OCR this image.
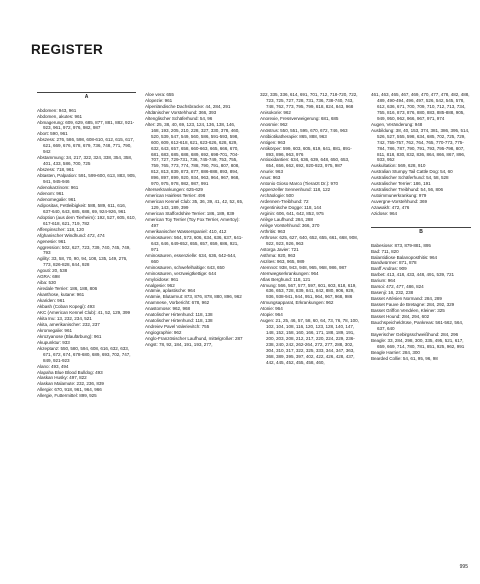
REGISTER
A
Abdomen: 943, 961
Abdomen, akutes: 961
Abmagerung: 609, 629, 685, 877, 881, 882, 921-923, 961, 972, 976, 982, 987
Abort: 590, 961
Abszess: 276, 586, 598, 608-610, 612, 615, 617, 621, 669, 676, 678, 679, 736, 748, 771, 790, 942
Abstammung: 34, 217, 322, 324, 338, 354, 358, 401, 433, 586, 700, 725
Abszess: 718, 961
Abtasten, Palpation: 591, 599-600, 613, 883, 905, 941, 945-946
Adenokarzinom: 961
Adenom: 961
Adenomegalie: 961
Adipositas, Fettleibigkeit: 588, 589, 611, 616, 637-640, 643, 685, 688, 69, 924-926, 961
Adoption (aus dem Tierheim): 192, 527, 605, 610, 617-618, 621, 719, 782
Affenpinscher: 118, 120
Afghanischer Windhund: 472, 474
Agenesie: 961
Aggression: 502, 627, 723, 739, 740, 745, 749, 793
Agility: 33, 58, 70, 90, 94, 108, 135, 149, 276, 773, 826-828, 844, 928
Agouti: 20, 538
AGRA: 698
Aiba: 530
Airedale Terrier: 186, 188, 806
Akanthose, kutane: 961
Akariden: 961
Akbash (Coban Kopegi): 493
AKC (American Kennel Club): 41, 52, 129, 399
Akita Inu: 13, 232, 234, 521
Akita, amerikanischer: 232, 237
Akromegalie: 961
Akrozyanose (Blaufärbung): 961
Akupunktur: 933
Akzeptanz: 550, 580, 594, 608, 616, 632, 633, 671, 672, 674, 678-680, 689, 693, 702, 747, 849, 921-923
Alano: 493, 494
Alapaha Blue Blood Bulldog: 493
Alaskan Husky: 497, 822
Alaskan Malamute: 232, 236, 839
Allergie: 670, 918, 961, 964, 966
Allergie, Futtermittel: 899, 925
Aloe vera: 655
Alopezie: 961
Alpenländische Dachsbracke: 44, 284, 291
Altdänischer Vorstehhund: 366, 393
Altenglischer Schäferhund: 54, 96
Alter: 25, 38, 40, 69, 123, 124, 136, 138, 146, 168, 193, 205, 210, 228, 327, 330, 378, 460, 520, 539, 547, 549, 560, 586, 591-593, 598, 600, 609, 612-618, 621, 623-626, 628, 629, 632, 643, 657, 658, 660-663, 665, 666, 670, 681, 683, 685, 688, 689, 692, 698-701, 704-707, 727, 729-731, 736, 745-749, 753, 755, 759, 765, 773, 774, 788, 790, 791, 807, 808, 812, 813, 839, 873, 877, 886-888, 893, 894, 896, 897, 899, 920, 934, 963, 964, 967, 968, 970, 975, 978, 982, 987, 991
Alterserkrankungen: 625-629
American Hairless Terrier: 496
American Kennel Club: 35, 36, 39, 41, 42, 52, 65, 129, 143, 189, 399
American Staffordshire Terrier: 186, 189, 839
American Toy Terrier (Toy Fox Terrier, Amertoy): 497
Amerikanischer Wasserspaniel: 410, 412
Aminosäuren: 564, 573, 606, 634, 636, 637, 641-643, 646, 649-652, 655, 657, 659, 686, 921, 971
Aminosäuren, essenzielle: 634, 636, 642-644, 660
Aminosäuren, schwefelhaltige: 643, 650
Aminosäuren, verzweigtkettige: 644
Amyloidose: 961
Analgesie: 962
Anämie, aplastische: 964
Anämie, Blutarmut: 873, 876, 878, 880, 896, 962
Anamnese, Vorbericht: 678, 962
Anastomose: 962, 968
Anatolischer Hirtenhund: 118, 138
Anatolischer Hirtenhund: 118, 138
Andreiev Pavel Valerievitch: 755
Angiographie: 962
Anglo-Französischer Laufhund, mittelgroßer: 287
Angst: 78, 92, 184, 191, 193, 277,
322, 335, 336, 614, 691, 701, 712, 718-720, 722, 723, 725, 727, 728, 731, 736, 738-740, 743, 748, 762, 773, 795, 799, 818, 824, 843, 968
Anisokorie: 962
Anorexie, Fressverweigerung: 681, 685
Anosmie: 962
Anöstrus: 550, 551, 595, 670, 672, 746, 963
Antibiotikatherapie: 865, 888, 963
Antigen: 963
Antikörper: 599, 603, 605, 619, 641, 881, 891-893, 896, 963, 976
Antioxidantien: 634, 636, 639, 648, 650, 653, 654, 656, 662, 692, 920-923, 975, 987
Anurie: 963
Anus: 963
Antonio Gioso Marco (Tierarzt Dr.): 970
Appenzeller Sennenhund: 118, 122
Archäologie: 500
Ardennen-Treibhund: 72
Argentinische Dogge: 118, 144
Arginin: 606, 641, 642, 852, 975
Ariège Laufhund: 284, 288
Ariège Vorstehhund: 366, 370
Arthritis: 963
Arthrose: 625, 627, 640, 652, 655, 661, 668, 908, 922, 923, 926, 963
Astorga Javier: 721
Asthma: 920, 963
Aszites: 963, 965, 989
Atemnot: 938, 943, 948, 965, 968, 986, 987
Atemwegserkrankungen: 964
Atlas Berghund: 118, 121
Atmung: 566, 567, 577, 597, 601, 603, 618, 619, 636, 653, 728, 839, 841, 842, 880, 906, 929, 936, 938-941, 944, 951, 964, 967, 968, 986
Atmungsapparat, Erkrankungen: 962
Atonie: 964
Atopie: 964
Augen: 21, 25, 46, 57, 58, 60, 64, 73, 76, 78, 100, 102, 104, 108, 116, 120, 123, 128, 140, 147, 148, 152, 158, 160, 166, 171, 188, 189, 191, 200, 203, 208, 212, 217, 220, 224, 229, 236-238, 240, 242, 262-264, 272, 277, 288, 302, 304, 310, 317, 322, 325, 333, 344, 347, 363, 368, 389, 395, 397, 402, 422, 426, 428, 437, 442, 445, 452, 455, 458, 460,
461, 463, 465, 467, 469, 470, 477, 478, 482, 488, 489, 490-494, 496, 497, 526, 542, 545, 578, 612, 636, 671, 700, 709, 710, 712, 713, 734, 755, 816, 873, 876, 880, 883, 885-888, 905, 949, 950, 962, 966, 967, 971, 974
Augen, Veränderung: 948
Ausbildung: 38, 40, 153, 374, 381, 386, 395, 514, 526, 527, 555, 598, 634, 685, 702, 725, 729, 742, 755-757, 762, 764, 765, 770-773, 775-784, 786, 787, 790, 791, 793, 795-798, 807, 811, 818, 830, 832, 836, 864, 866, 867, 896, 933, 952
Auskultation: 569, 628, 910
Australian Stumpy Tail Cattle Dog: 54, 60
Australischer Schäferhund: 54, 58, 528
Australischer Terrier: 186, 191
Australischer Treibhund: 54, 56, 806
Autoimmunerkrankung: 979
Auvergne-Vorstehhund: 369
Azawakh: 472, 476
Azidose: 964
B
Babesiose: 873, 879-881, 895
Bad: 711, 820
Balantidiose Balanoposthitis: 964
Bandwürmer: 871, 878
Banff Andras: 909
Barbet: 413, 418, 433, 448, 491, 539, 721
Barium: 964
Barsoi: 472, 477, 486, 824
Basenji: 16, 232, 238
Basset Artésien Normand: 284, 289
Basset Fauve de Bretagne: 284, 292, 329
Basset Griffon Vendéen, Kleiner: 325
Basset Hound: 284, 294, 602
Bauchspeicheldrüse, Pankreas: 561-562, 564, 637, 640
Bayerischer Gebirgsschweißhund: 284, 296
Beagle: 33, 284, 298, 300, 335, 495, 521, 617, 659, 669, 714, 780, 781, 851, 925, 962, 991
Beagle Harrier: 284, 300
Bearded Collie: 54, 61, 95, 96, 98
995
